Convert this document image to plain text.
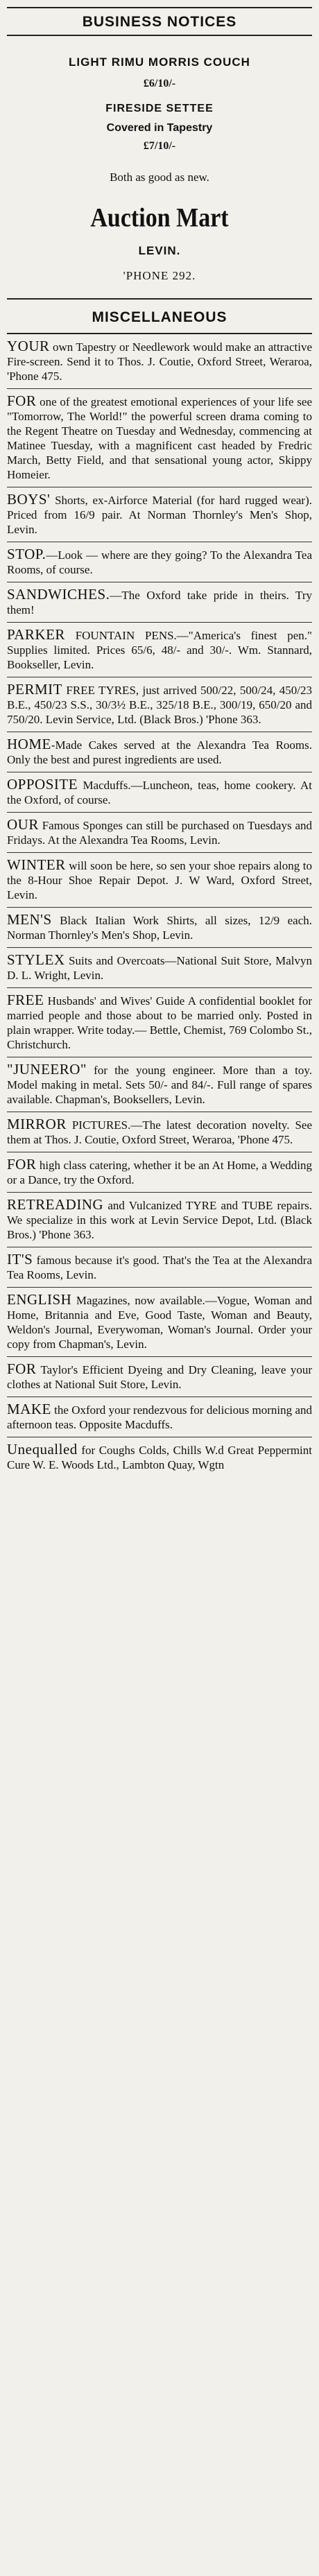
BUSINESS NOTICES
LIGHT RIMU MORRIS COUCH
£6/10/-
FIRESIDE SETTEE
Covered in Tapestry
£7/10/-
Both as good as new.
Auction Mart
LEVIN.
'PHONE 292.
MISCELLANEOUS
YOUR own Tapestry or Needlework would make an attractive Fire-screen. Send it to Thos. J. Coutie, Oxford Street, Weraroa, 'Phone 475.
FOR one of the greatest emotional experiences of your life see "Tomorrow, The World!" the powerful screen drama coming to the Regent Theatre on Tuesday and Wednesday, commencing at Matinee Tuesday, with a magnificent cast headed by Fredric March, Betty Field, and that sensational young actor, Skippy Homeier.
BOYS' Shorts, ex-Airforce Material (for hard rugged wear). Priced from 16/9 pair. At Norman Thornley's Men's Shop, Levin.
STOP.—Look — where are they going? To the Alexandra Tea Rooms, of course.
SANDWICHES.—The Oxford take pride in theirs. Try them!
PARKER FOUNTAIN PENS.—"America's finest pen." Supplies limited. Prices 65/6, 48/- and 30/-. Wm. Stannard, Bookseller, Levin.
PERMIT FREE TYRES, just arrived 500/22, 500/24, 450/23 B.E., 450/23 S.S., 30/3½ B.E., 325/18 B.E., 300/19, 650/20 and 750/20. Levin Service, Ltd. (Black Bros.) 'Phone 363.
HOME-Made Cakes served at the Alexandra Tea Rooms. Only the best and purest ingredients are used.
OPPOSITE Macduffs.—Luncheon, teas, home cookery. At the Oxford, of course.
OUR Famous Sponges can still be purchased on Tuesdays and Fridays. At the Alexandra Tea Rooms, Levin.
WINTER will soon be here, so sen your shoe repairs along to the 8-Hour Shoe Repair Depot. J. W Ward, Oxford Street, Levin.
MEN'S Black Italian Work Shirts, all sizes, 12/9 each. Norman Thornley's Men's Shop, Levin.
STYLEX Suits and Overcoats—National Suit Store, Malvyn D. L. Wright, Levin.
FREE Husbands' and Wives' Guide A confidential booklet for married people and those about to be married only. Posted in plain wrapper. Write today.— Bettle, Chemist, 769 Colombo St., Christchurch.
"JUNEERO" for the young engineer. More than a toy. Model making in metal. Sets 50/- and 84/-. Full range of spares available. Chapman's, Booksellers, Levin.
MIRROR PICTURES.—The latest decoration novelty. See them at Thos. J. Coutie, Oxford Street, Weraroa, 'Phone 475.
FOR high class catering, whether it be an At Home, a Wedding or a Dance, try the Oxford.
RETREADING and Vulcanized TYRE and TUBE repairs. We specialize in this work at Levin Service Depot, Ltd. (Black Bros.) 'Phone 363.
IT'S famous because it's good. That's the Tea at the Alexandra Tea Rooms, Levin.
ENGLISH Magazines, now available.—Vogue, Woman and Home, Britannia and Eve, Good Taste, Woman and Beauty, Weldon's Journal, Everywoman, Woman's Journal. Order your copy from Chapman's, Levin.
FOR Taylor's Efficient Dyeing and Dry Cleaning, leave your clothes at National Suit Store, Levin.
MAKE the Oxford your rendezvous for delicious morning and afternoon teas. Opposite Macduffs.
Unequalled for Coughs Colds, Chills W.d Great Peppermint Cure W. E. Woods Ltd., Lambton Quay, Wgtn
